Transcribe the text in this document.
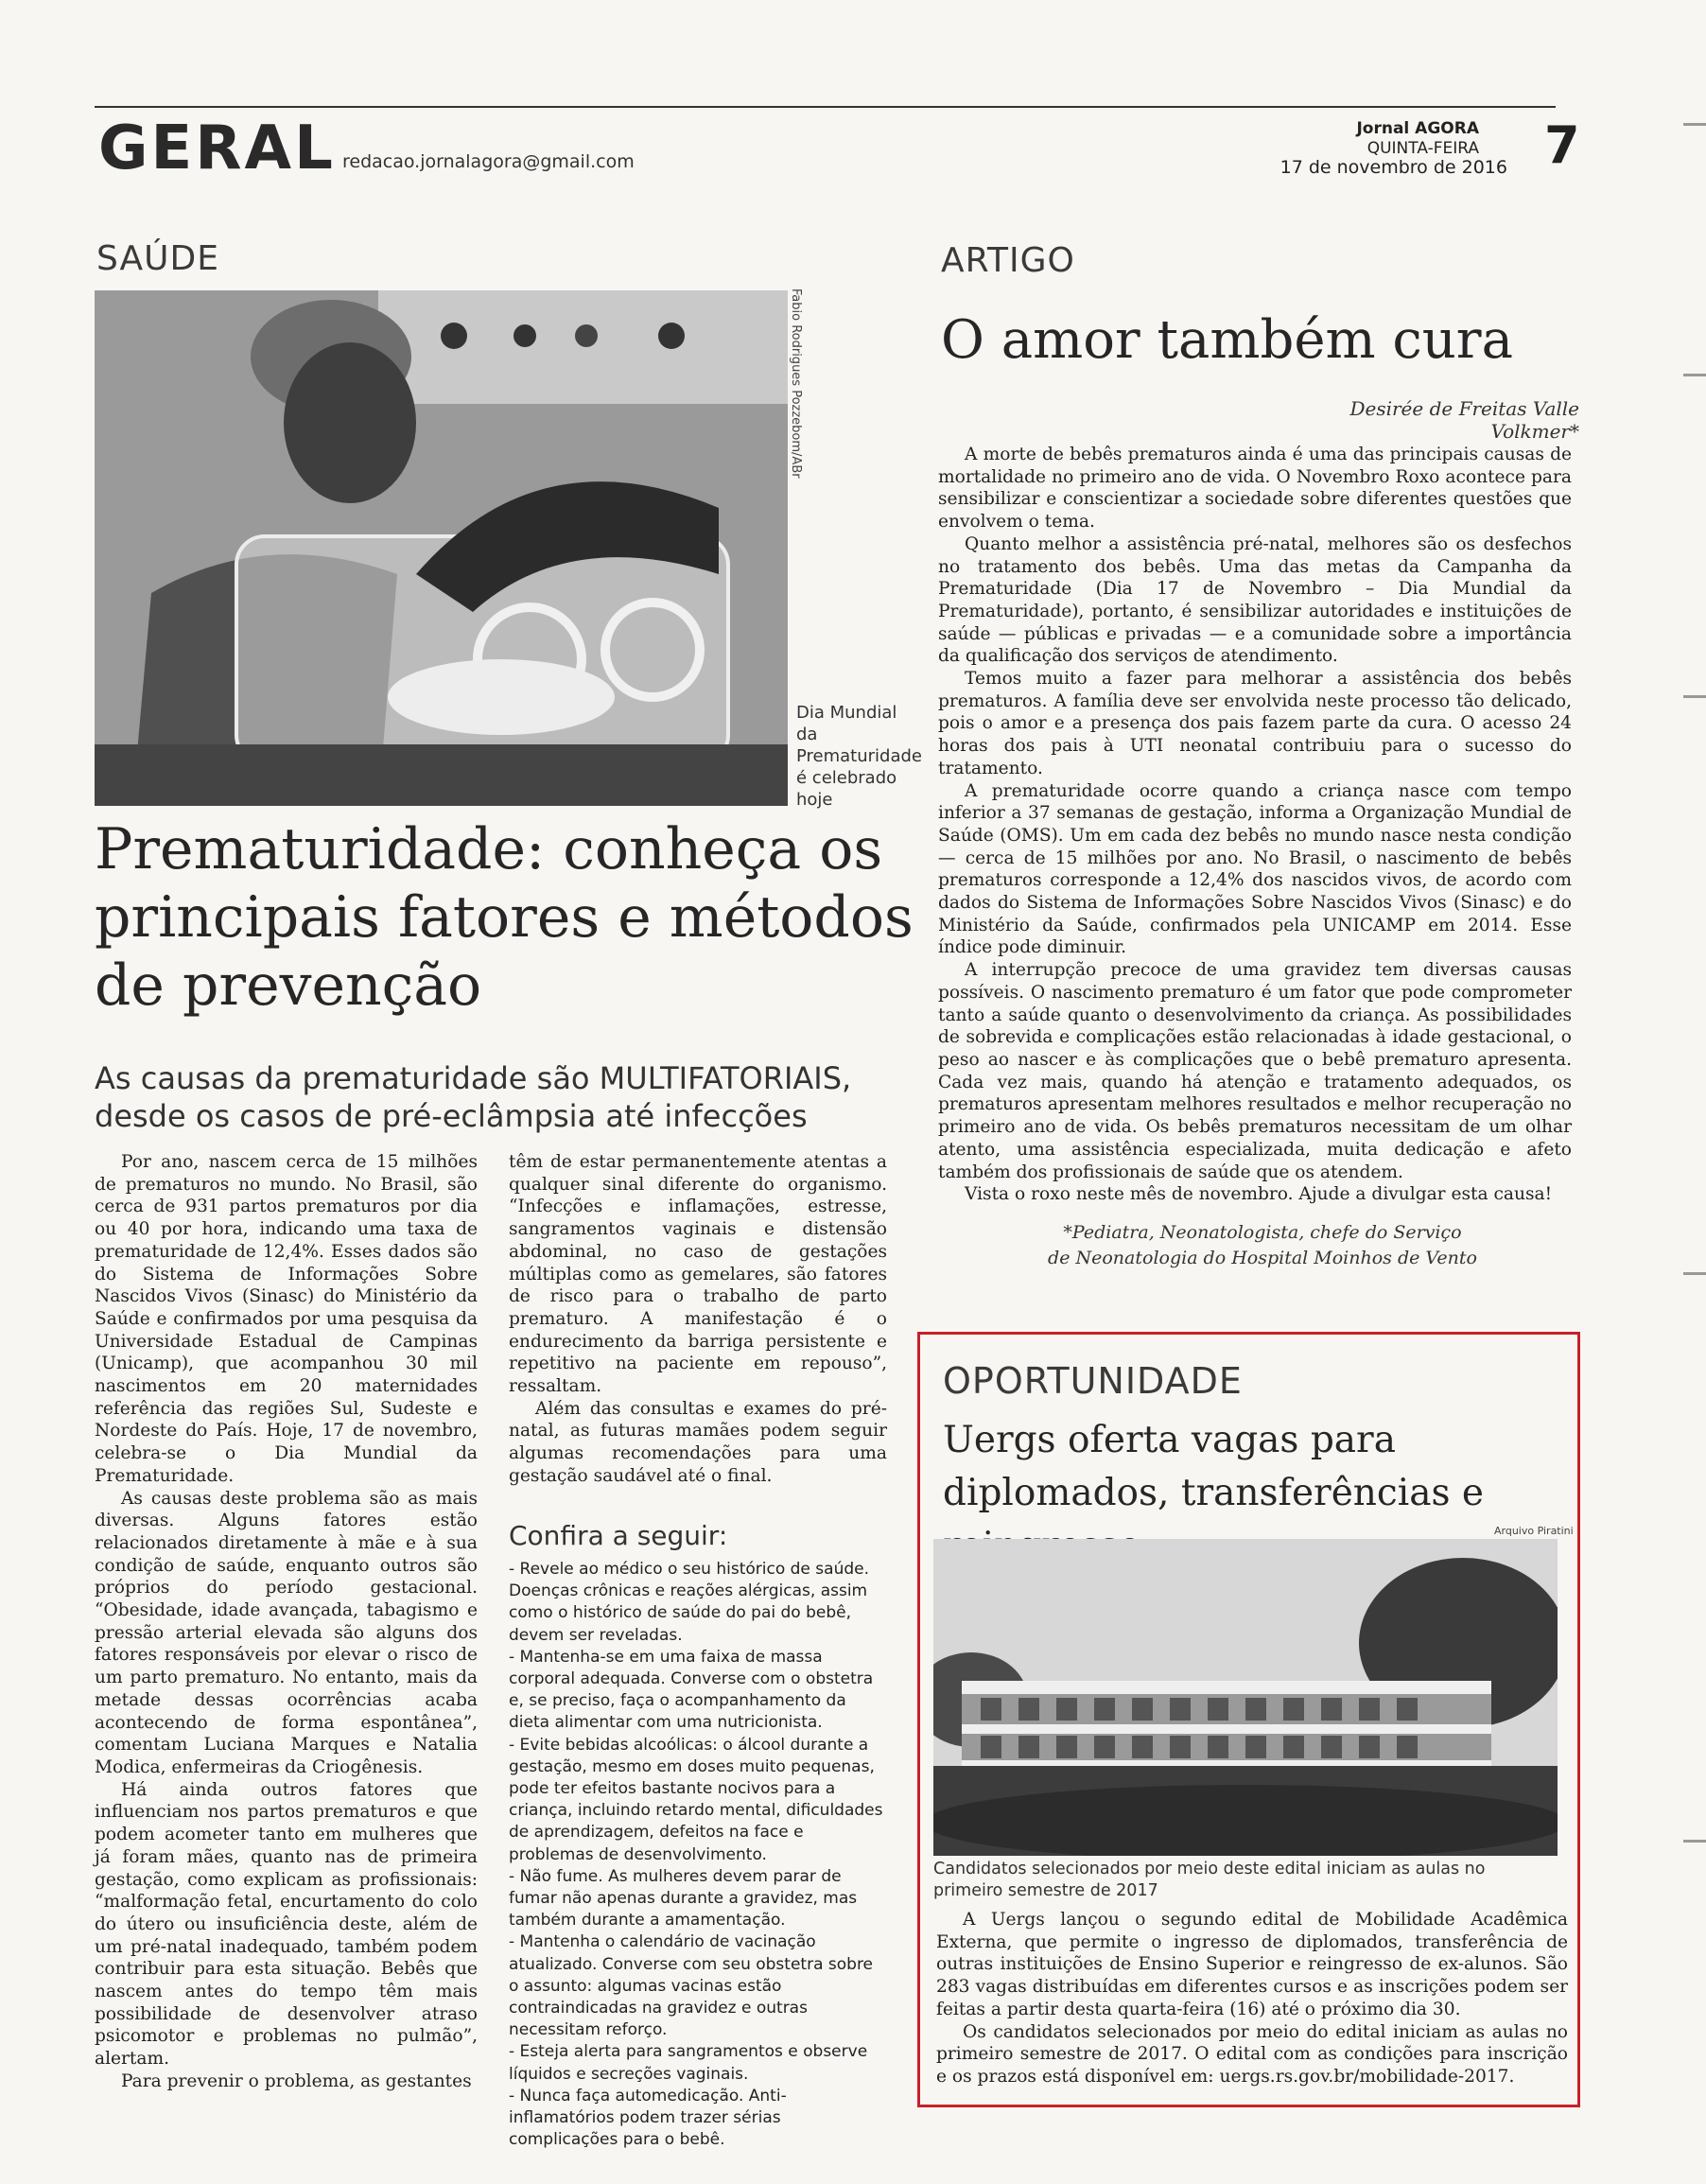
GERAL redacao.jornalagora@gmail.com
Jornal AGORA
QUINTA-FEIRA
17 de novembro de 2016 7
SAÚDE
Fabio Rodrigues Pozzebom/ABr
Dia Mundial da Prematuridade é celebrado hoje
Prematuridade: conheça os principais fatores e métodos de prevenção
As causas da prematuridade são MULTIFATORIAIS, desde os casos de pré-eclâmpsia até infecções

Por ano, nascem cerca de 15 milhões de prematuros no mundo. No Brasil, são cerca de 931 partos prematuros por dia ou 40 por hora, indicando uma taxa de prematuridade de 12,4%. Esses dados são do Sistema de Informações Sobre Nascidos Vivos (Sinasc) do Ministério da Saúde e confirmados por uma pesquisa da Universidade Estadual de Campinas (Unicamp), que acompanhou 30 mil nascimentos em 20 maternidades referência das regiões Sul, Sudeste e Nordeste do País. Hoje, 17 de novembro, celebra-se o Dia Mundial da Prematuridade.

As causas deste problema são as mais diversas. Alguns fatores estão relacionados diretamente à mãe e à sua condição de saúde, enquanto outros são próprios do período gestacional. “Obesidade, idade avançada, tabagismo e pressão arterial elevada são alguns dos fatores responsáveis por elevar o risco de um parto prematuro. No entanto, mais da metade dessas ocorrências acaba acontecendo de forma espontânea”, comentam Luciana Marques e Natalia Modica, enfermeiras da Criogênesis.

Há ainda outros fatores que influenciam nos partos prematuros e que podem acometer tanto em mulheres que já foram mães, quanto nas de primeira gestação, como explicam as profissionais: “malformação fetal, encurtamento do colo do útero ou insuficiência deste, além de um pré-natal inadequado, também podem contribuir para esta situação. Bebês que nascem antes do tempo têm mais possibilidade de desenvolver atraso psicomotor e problemas no pulmão”, alertam.

Para prevenir o problema, as gestantes

têm de estar permanentemente atentas a qualquer sinal diferente do organismo. “Infecções e inflamações, estresse, sangramentos vaginais e distensão abdominal, no caso de gestações múltiplas como as gemelares, são fatores de risco para o trabalho de parto prematuro. A manifestação é o endurecimento da barriga persistente e repetitivo na paciente em repouso”, ressaltam.

Além das consultas e exames do pré-natal, as futuras mamães podem seguir algumas recomendações para uma gestação saudável até o final.

Confira a seguir:

- Revele ao médico o seu histórico de saúde. Doenças crônicas e reações alérgicas, assim como o histórico de saúde do pai do bebê, devem ser reveladas.

- Mantenha-se em uma faixa de massa corporal adequada. Converse com o obstetra e, se preciso, faça o acompanhamento da dieta alimentar com uma nutricionista.

- Evite bebidas alcoólicas: o álcool durante a gestação, mesmo em doses muito pequenas, pode ter efeitos bastante nocivos para a criança, incluindo retardo mental, dificuldades de aprendizagem, defeitos na face e problemas de desenvolvimento.

- Não fume. As mulheres devem parar de fumar não apenas durante a gravidez, mas também durante a amamentação.

- Mantenha o calendário de vacinação atualizado. Converse com seu obstetra sobre o assunto: algumas vacinas estão contraindicadas na gravidez e outras necessitam reforço.

- Esteja alerta para sangramentos e observe líquidos e secreções vaginais.

- Nunca faça automedicação. Anti-inflamatórios podem trazer sérias complicações para o bebê.

ARTIGO
O amor também cura
Desirée de Freitas Valle Volkmer*

A morte de bebês prematuros ainda é uma das principais causas de mortalidade no primeiro ano de vida. O Novembro Roxo acontece para sensibilizar e conscientizar a sociedade sobre diferentes questões que envolvem o tema.

Quanto melhor a assistência pré-natal, melhores são os desfechos no tratamento dos bebês. Uma das metas da Campanha da Prematuridade (Dia 17 de Novembro – Dia Mundial da Prematuridade), portanto, é sensibilizar autoridades e instituições de saúde — públicas e privadas — e a comunidade sobre a importância da qualificação dos serviços de atendimento.

Temos muito a fazer para melhorar a assistência dos bebês prematuros. A família deve ser envolvida neste processo tão delicado, pois o amor e a presença dos pais fazem parte da cura. O acesso 24 horas dos pais à UTI neonatal contribuiu para o sucesso do tratamento.

A prematuridade ocorre quando a criança nasce com tempo inferior a 37 semanas de gestação, informa a Organização Mundial de Saúde (OMS). Um em cada dez bebês no mundo nasce nesta condição — cerca de 15 milhões por ano. No Brasil, o nascimento de bebês prematuros corresponde a 12,4% dos nascidos vivos, de acordo com dados do Sistema de Informações Sobre Nascidos Vivos (Sinasc) e do Ministério da Saúde, confirmados pela UNICAMP em 2014. Esse índice pode diminuir.

A interrupção precoce de uma gravidez tem diversas causas possíveis. O nascimento prematuro é um fator que pode comprometer tanto a saúde quanto o desenvolvimento da criança. As possibilidades de sobrevida e complicações estão relacionadas à idade gestacional, o peso ao nascer e às complicações que o bebê prematuro apresenta. Cada vez mais, quando há atenção e tratamento adequados, os prematuros apresentam melhores resultados e melhor recuperação no primeiro ano de vida. Os bebês prematuros necessitam de um olhar atento, uma assistência especializada, muita dedicação e afeto também dos profissionais de saúde que os atendem.

Vista o roxo neste mês de novembro. Ajude a divulgar esta causa!

*Pediatra, Neonatologista, chefe do Serviço
de Neonatologia do Hospital Moinhos de Vento
OPORTUNIDADE
Uergs oferta vagas para diplomados, transferências e
Arquivo Piratini
Candidatos selecionados por meio deste edital iniciam as aulas no primeiro semestre de 2017

A Uergs lançou o segundo edital de Mobilidade Acadêmica Externa, que permite o ingresso de diplomados, transferência de outras instituições de Ensino Superior e reingresso de ex-alunos. São 283 vagas distribuídas em diferentes cursos e as inscrições podem ser feitas a partir desta quarta-feira (16) até o próximo dia 30.

Os candidatos selecionados por meio do edital iniciam as aulas no primeiro semestre de 2017. O edital com as condições para inscrição e os prazos está disponível em: uergs.rs.gov.br/mobilidade-2017.
